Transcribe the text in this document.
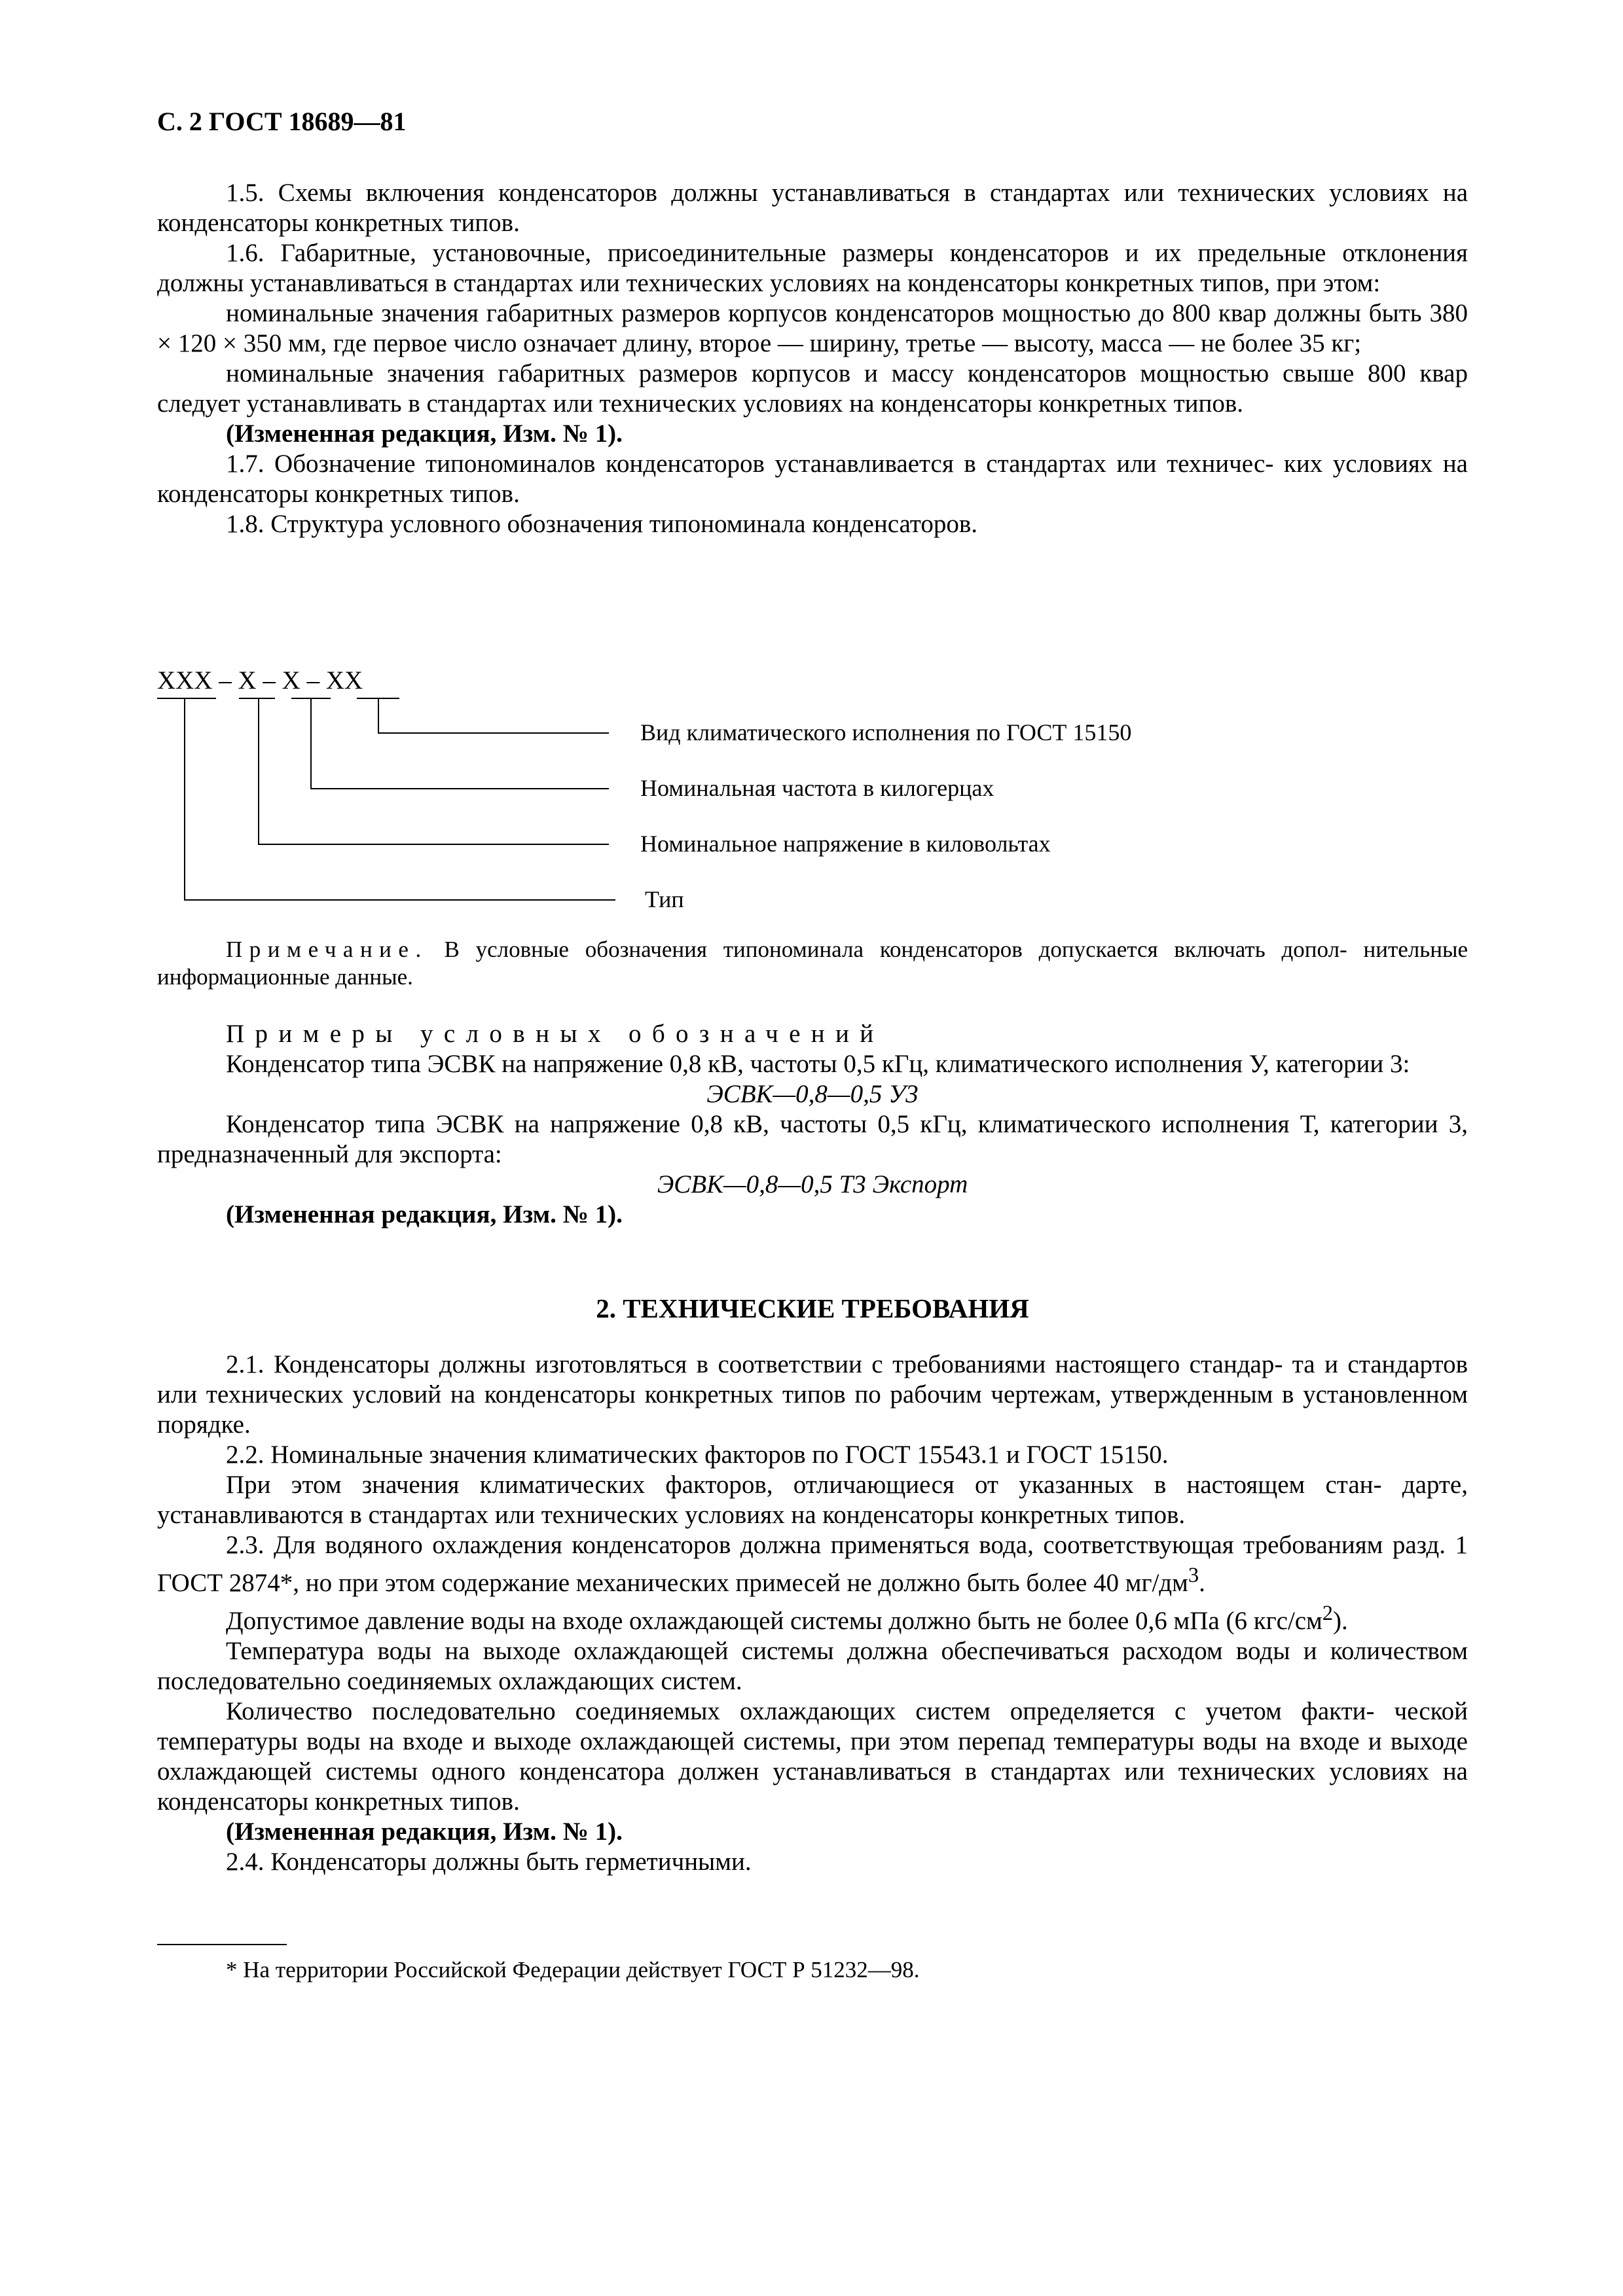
С. 2 ГОСТ 18689—81

1.5. Схемы включения конденсаторов должны устанавливаться в стандартах или технических условиях на конденсаторы конкретных типов.

1.6. Габаритные, установочные, присоединительные размеры конденсаторов и их предельные отклонения должны устанавливаться в стандартах или технических условиях на конденсаторы конкретных типов, при этом:

номинальные значения габаритных размеров корпусов конденсаторов мощностью до 800 квар должны быть 380 × 120 × 350 мм, где первое число означает длину, второе — ширину, третье — высоту, масса — не более 35 кг;

номинальные значения габаритных размеров корпусов и массу конденсаторов мощностью свыше 800 квар следует устанавливать в стандартах или технических условиях на конденсаторы конкретных типов.

(Измененная редакция, Изм. № 1).

1.7. Обозначение типономиналов конденсаторов устанавливается в стандартах или техничес- ких условиях на конденсаторы конкретных типов.

1.8. Структура условного обозначения типономинала конденсаторов.

ХХХ – Х – Х – ХХ
Вид климатического исполнения по ГОСТ 15150
Номинальная частота в килогерцах
Номинальное напряжение в киловольтах
Тип

Примечание. В условные обозначения типономинала конденсаторов допускается включать допол- нительные информационные данные.

Примеры условных обозначений

Конденсатор типа ЭСВК на напряжение 0,8 кВ, частоты 0,5 кГц, климатического исполнения У, категории 3:

ЭСВК—0,8—0,5 У3

Конденсатор типа ЭСВК на напряжение 0,8 кВ, частоты 0,5 кГц, климатического исполнения Т, категории 3, предназначенный для экспорта:

ЭСВК—0,8—0,5 Т3 Экспорт

(Измененная редакция, Изм. № 1).

2. ТЕХНИЧЕСКИЕ ТРЕБОВАНИЯ

2.1. Конденсаторы должны изготовляться в соответствии с требованиями настоящего стандар- та и стандартов или технических условий на конденсаторы конкретных типов по рабочим чертежам, утвержденным в установленном порядке.

2.2. Номинальные значения климатических факторов по ГОСТ 15543.1 и ГОСТ 15150.

При этом значения климатических факторов, отличающиеся от указанных в настоящем стан- дарте, устанавливаются в стандартах или технических условиях на конденсаторы конкретных типов.

2.3. Для водяного охлаждения конденсаторов должна применяться вода, соответствующая требованиям разд. 1 ГОСТ 2874*, но при этом содержание механических примесей не должно быть более 40 $мг/дм^3$.

Допустимое давление воды на входе охлаждающей системы должно быть не более 0,6 мПа (6 кгс/$см^2$).

Температура воды на выходе охлаждающей системы должна обеспечиваться расходом воды и количеством последовательно соединяемых охлаждающих систем.

Количество последовательно соединяемых охлаждающих систем определяется с учетом факти- ческой температуры воды на входе и выходе охлаждающей системы, при этом перепад температуры воды на входе и выходе охлаждающей системы одного конденсатора должен устанавливаться в стандартах или технических условиях на конденсаторы конкретных типов.

(Измененная редакция, Изм. № 1).

2.4. Конденсаторы должны быть герметичными.

* На территории Российской Федерации действует ГОСТ Р 51232—98.
